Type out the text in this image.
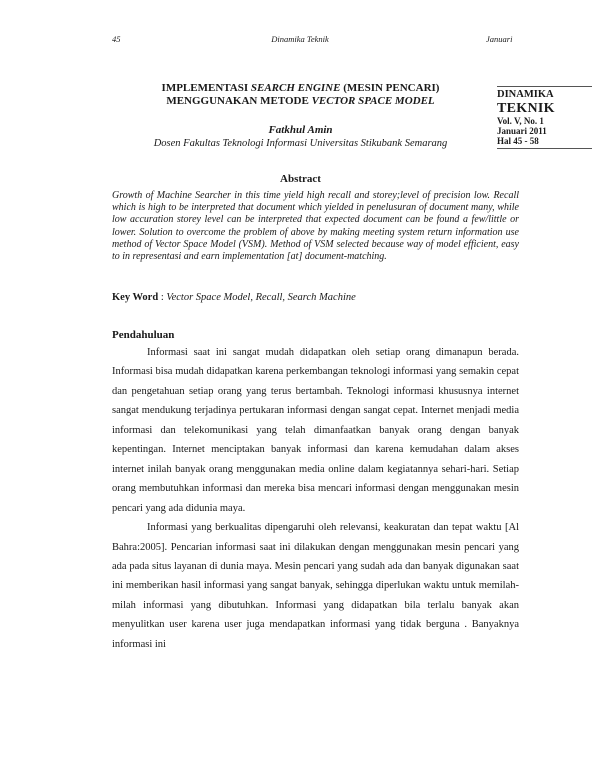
45	Dinamika Teknik	Januari
DINAMIKA
TEKNIK
Vol. V, No. 1
Januari 2011
Hal 45 - 58
IMPLEMENTASI SEARCH ENGINE (MESIN PENCARI)
MENGGUNAKAN METODE VECTOR SPACE MODEL
Fatkhul Amin
Dosen Fakultas Teknologi Informasi Universitas Stikubank Semarang
Abstract
Growth of Machine Searcher in this time yield high recall and storey;level of precision low. Recall which is high to be interpreted that document which yielded in penelusuran of document many, while low accuration storey level can be interpreted that expected document can be found a few/little or lower. Solution to overcome the problem of above by making meeting system return information use method of Vector Space Model (VSM). Method of VSM selected because way of model efficient, easy to in representasi and earn implementation [at] document-matching.
Key Word : Vector Space Model, Recall, Search Machine
Pendahuluan

Informasi saat ini sangat mudah didapatkan oleh setiap orang dimanapun berada. Informasi bisa mudah didapatkan karena perkembangan teknologi informasi yang semakin cepat dan pengetahuan setiap orang yang terus bertambah. Teknologi informasi khususnya internet sangat mendukung terjadinya pertukaran informasi dengan sangat cepat. Internet menjadi media informasi dan telekomunikasi yang telah dimanfaatkan banyak orang dengan banyak kepentingan. Internet menciptakan banyak informasi dan karena kemudahan dalam akses internet inilah banyak orang menggunakan media online dalam kegiatannya sehari-hari. Setiap orang membutuhkan informasi dan mereka bisa mencari informasi dengan menggunakan mesin pencari yang ada didunia maya.

Informasi yang berkualitas dipengaruhi oleh relevansi, keakuratan dan tepat waktu [Al Bahra:2005]. Pencarian informasi saat ini dilakukan dengan menggunakan mesin pencari yang ada pada situs layanan di dunia maya. Mesin pencari yang sudah ada dan banyak digunakan saat ini memberikan hasil informasi yang sangat banyak, sehingga diperlukan waktu untuk memilah-milah informasi yang dibutuhkan. Informasi yang didapatkan bila terlalu banyak akan menyulitkan user karena user juga mendapatkan informasi yang tidak berguna . Banyaknya informasi ini
